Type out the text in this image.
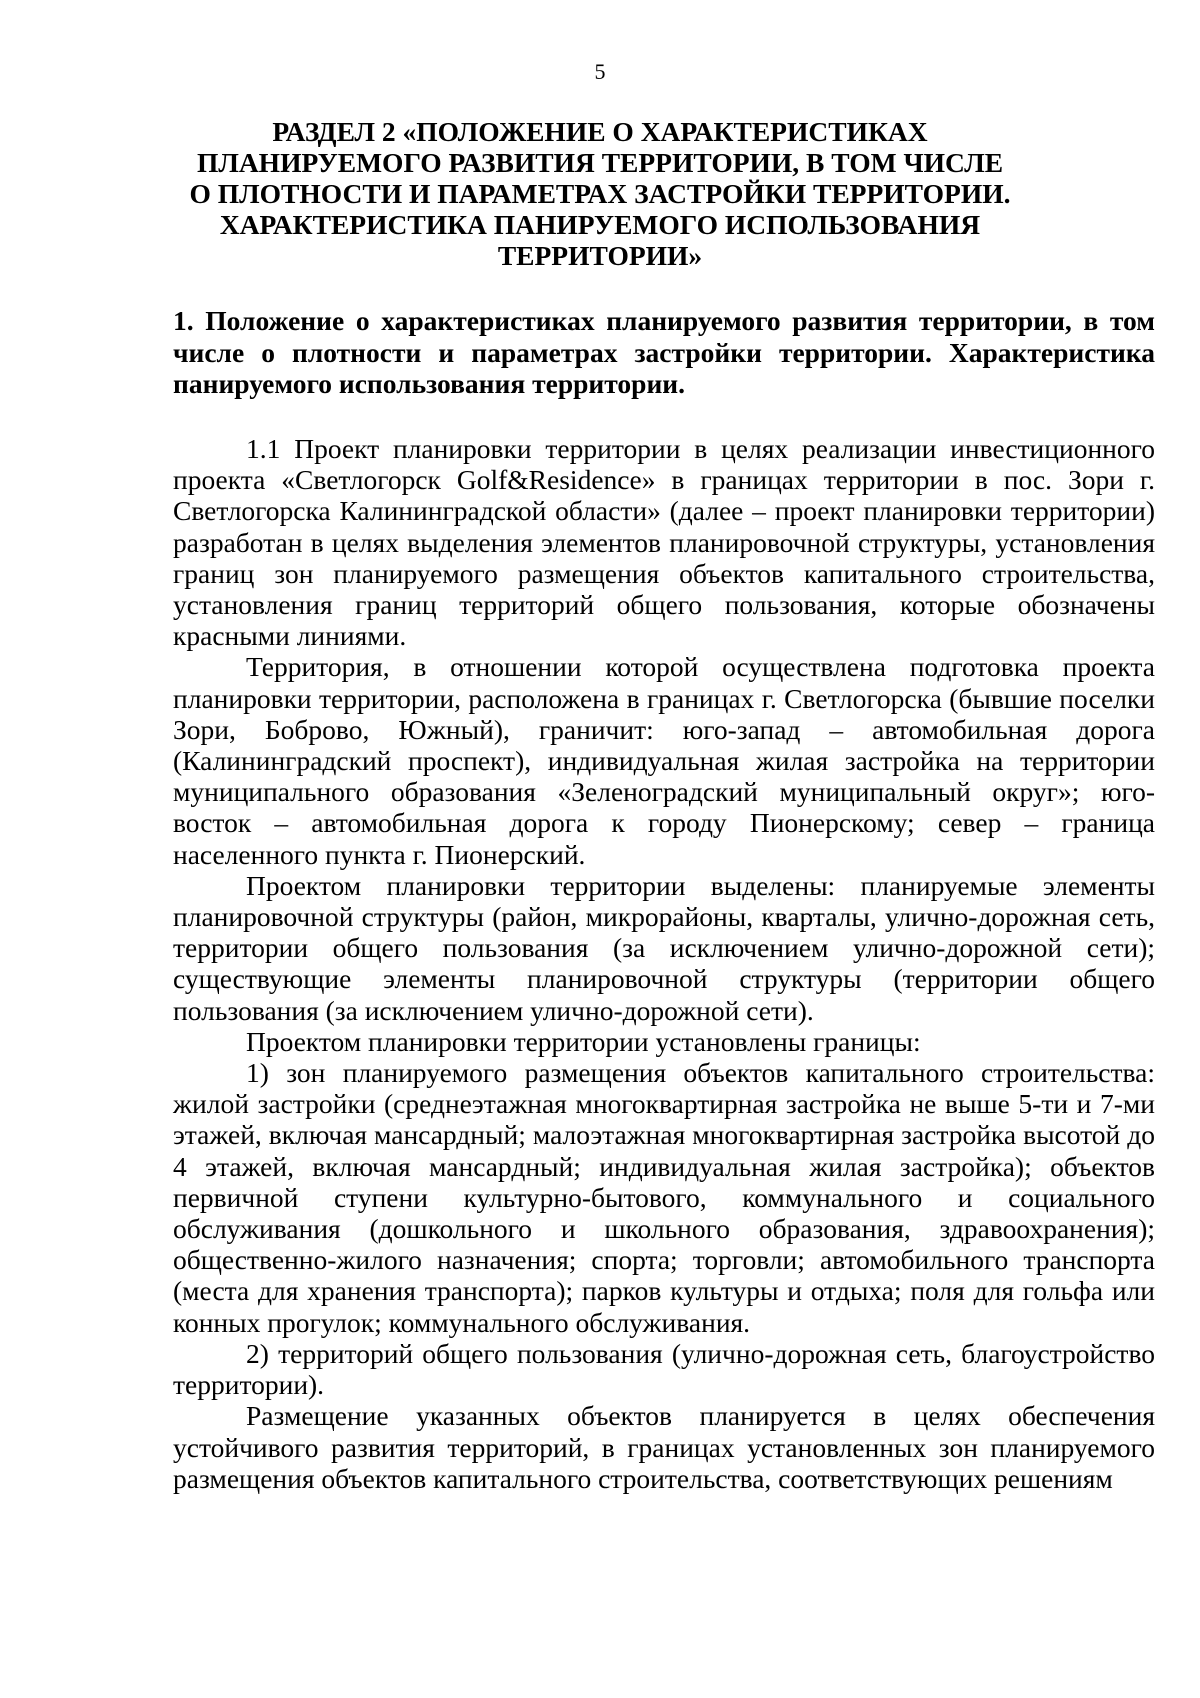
5
РАЗДЕЛ 2 «ПОЛОЖЕНИЕ О ХАРАКТЕРИСТИКАХ
ПЛАНИРУЕМОГО РАЗВИТИЯ ТЕРРИТОРИИ, В ТОМ ЧИСЛЕ
О ПЛОТНОСТИ И ПАРАМЕТРАХ ЗАСТРОЙКИ ТЕРРИТОРИИ.
ХАРАКТЕРИСТИКА ПАНИРУЕМОГО ИСПОЛЬЗОВАНИЯ
ТЕРРИТОРИИ»
1. Положение о характеристиках планируемого развития территории, в том числе о плотности и параметрах застройки территории. Характеристика панируемого использования территории.

1.1 Проект планировки территории в целях реализации инвестиционного проекта «Светлогорск Golf&Residence» в границах территории в пос. Зори г. Светлогорска Калининградской области» (далее – проект планировки территории) разработан в целях выделения элементов планировочной структуры, установления границ зон планируемого размещения объектов капитального строительства, установления границ территорий общего пользования, которые обозначены красными линиями.

Территория, в отношении которой осуществлена подготовка проекта планировки территории, расположена в границах г. Светлогорска (бывшие поселки Зори, Боброво, Южный), граничит: юго-запад – автомобильная дорога (Калининградский проспект), индивидуальная жилая застройка на территории муниципального образования «Зеленоградский муниципальный округ»; юго-восток – автомобильная дорога к городу Пионерскому; север – граница населенного пункта г. Пионерский.

Проектом планировки территории выделены: планируемые элементы планировочной структуры (район, микрорайоны, кварталы, улично-дорожная сеть, территории общего пользования (за исключением улично-дорожной сети); существующие элементы планировочной структуры (территории общего пользования (за исключением улично-дорожной сети).

Проектом планировки территории установлены границы:

1) зон планируемого размещения объектов капитального строительства: жилой застройки (среднеэтажная многоквартирная застройка не выше 5-ти и 7-ми этажей, включая мансардный; малоэтажная многоквартирная застройка высотой до 4 этажей, включая мансардный; индивидуальная жилая застройка); объектов первичной ступени культурно-бытового, коммунального и социального обслуживания (дошкольного и школьного образования, здравоохранения); общественно-жилого назначения; спорта; торговли; автомобильного транспорта (места для хранения транспорта); парков культуры и отдыха; поля для гольфа или конных прогулок; коммунального обслуживания.

2) территорий общего пользования (улично-дорожная сеть, благоустройство территории).

Размещение указанных объектов планируется в целях обеспечения устойчивого развития территорий, в границах установленных зон планируемого размещения объектов капитального строительства, соответствующих решениям
